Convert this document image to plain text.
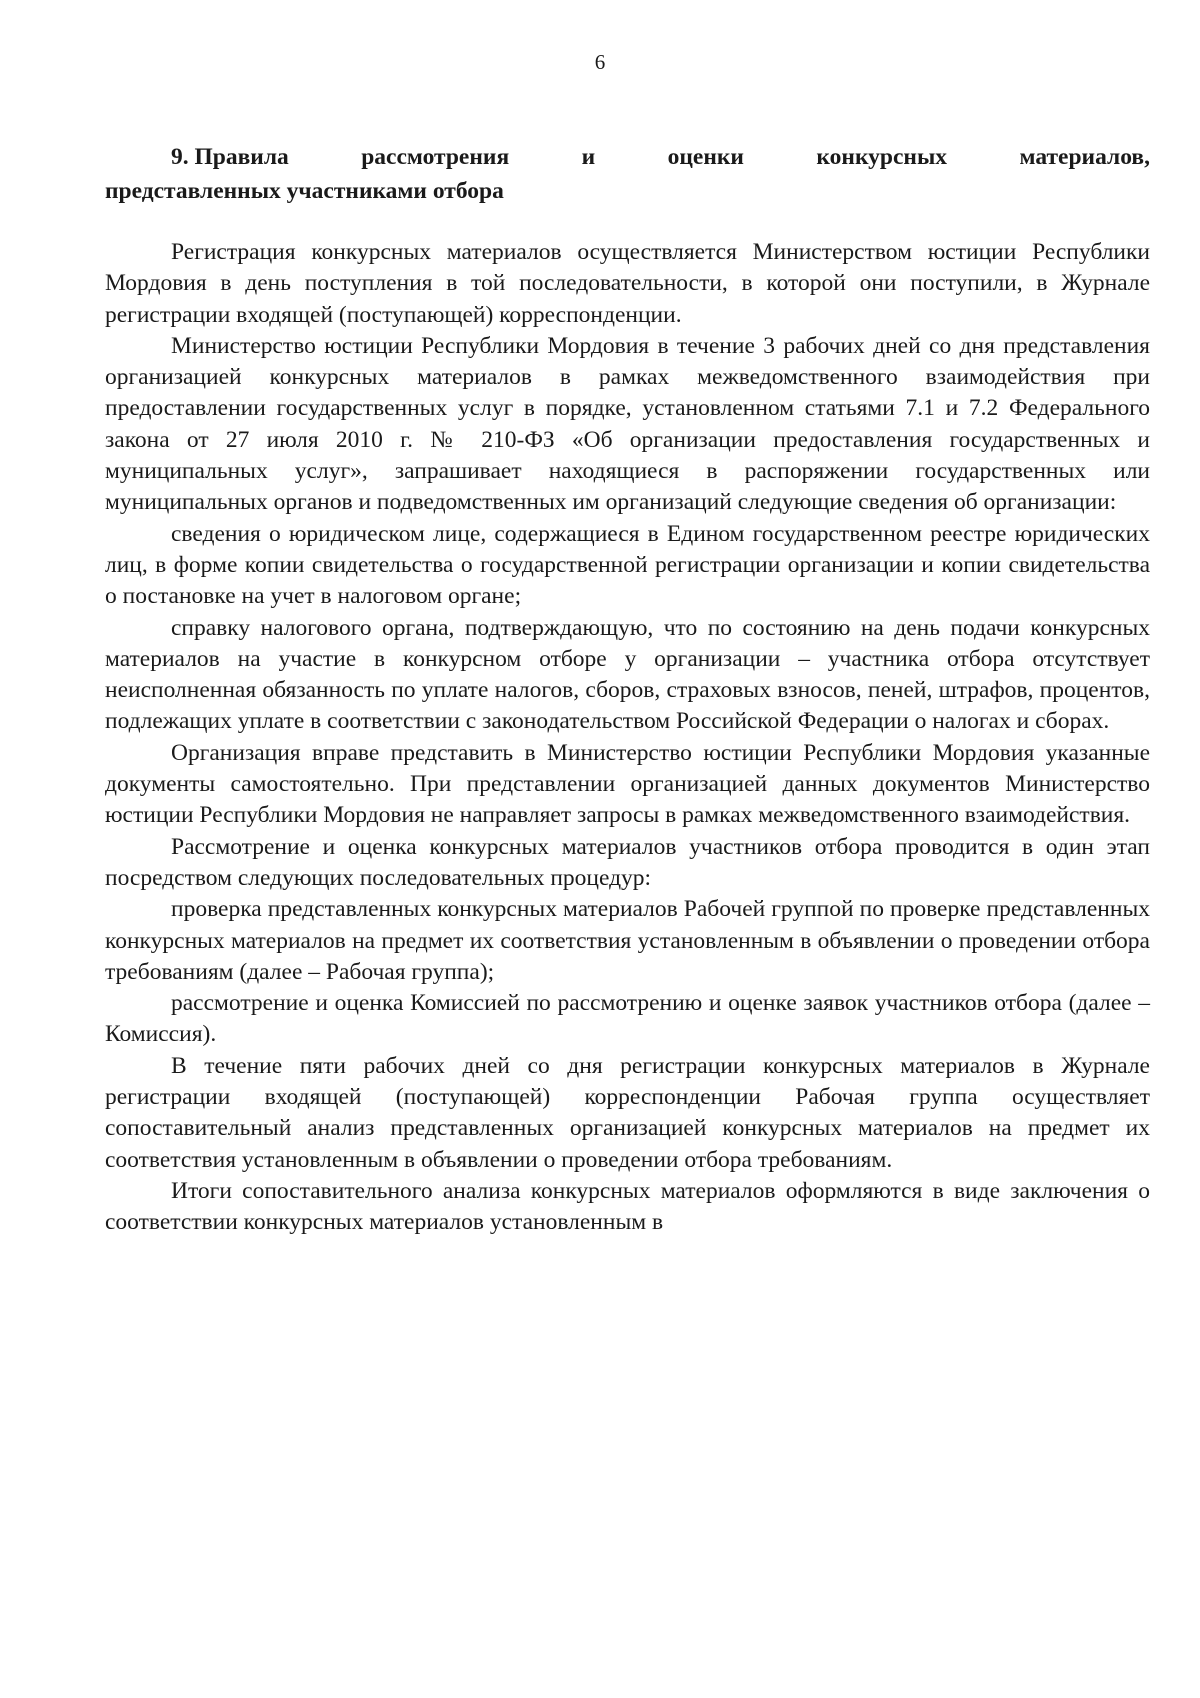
6
9. Правила	рассмотрения	и	оценки	конкурсных	материалов,
представленных участниками отбора

Регистрация конкурсных материалов осуществляется Министерством юстиции Республики Мордовия в день поступления в той последовательности, в которой они поступили, в Журнале регистрации входящей (поступающей) корреспонденции.

Министерство юстиции Республики Мордовия в течение 3 рабочих дней со дня представления организацией конкурсных материалов в рамках межведомственного взаимодействия при предоставлении государственных услуг в порядке, установленном статьями 7.1 и 7.2 Федерального закона от 27 июля 2010 г. № 210-ФЗ «Об организации предоставления государственных и муниципальных услуг», запрашивает находящиеся в распоряжении государственных или муниципальных органов и подведомственных им организаций следующие сведения об организации:

сведения о юридическом лице, содержащиеся в Едином государственном реестре юридических лиц, в форме копии свидетельства о государственной регистрации организации и копии свидетельства о постановке на учет в налоговом органе;

справку налогового органа, подтверждающую, что по состоянию на день подачи конкурсных материалов на участие в конкурсном отборе у организации – участника отбора отсутствует неисполненная обязанность по уплате налогов, сборов, страховых взносов, пеней, штрафов, процентов, подлежащих уплате в соответствии с законодательством Российской Федерации о налогах и сборах.

Организация вправе представить в Министерство юстиции Республики Мордовия указанные документы самостоятельно. При представлении организацией данных документов Министерство юстиции Республики Мордовия не направляет запросы в рамках межведомственного взаимодействия.

Рассмотрение и оценка конкурсных материалов участников отбора проводится в один этап посредством следующих последовательных процедур:

проверка представленных конкурсных материалов Рабочей группой по проверке представленных конкурсных материалов на предмет их соответствия установленным в объявлении о проведении отбора требованиям (далее – Рабочая группа);

рассмотрение и оценка Комиссией по рассмотрению и оценке заявок участников отбора (далее – Комиссия).

В течение пяти рабочих дней со дня регистрации конкурсных материалов в Журнале регистрации входящей (поступающей) корреспонденции Рабочая группа осуществляет сопоставительный анализ представленных организацией конкурсных материалов на предмет их соответствия установленным в объявлении о проведении отбора требованиям.

Итоги сопоставительного анализа конкурсных материалов оформляются в виде заключения о соответствии конкурсных материалов установленным в
